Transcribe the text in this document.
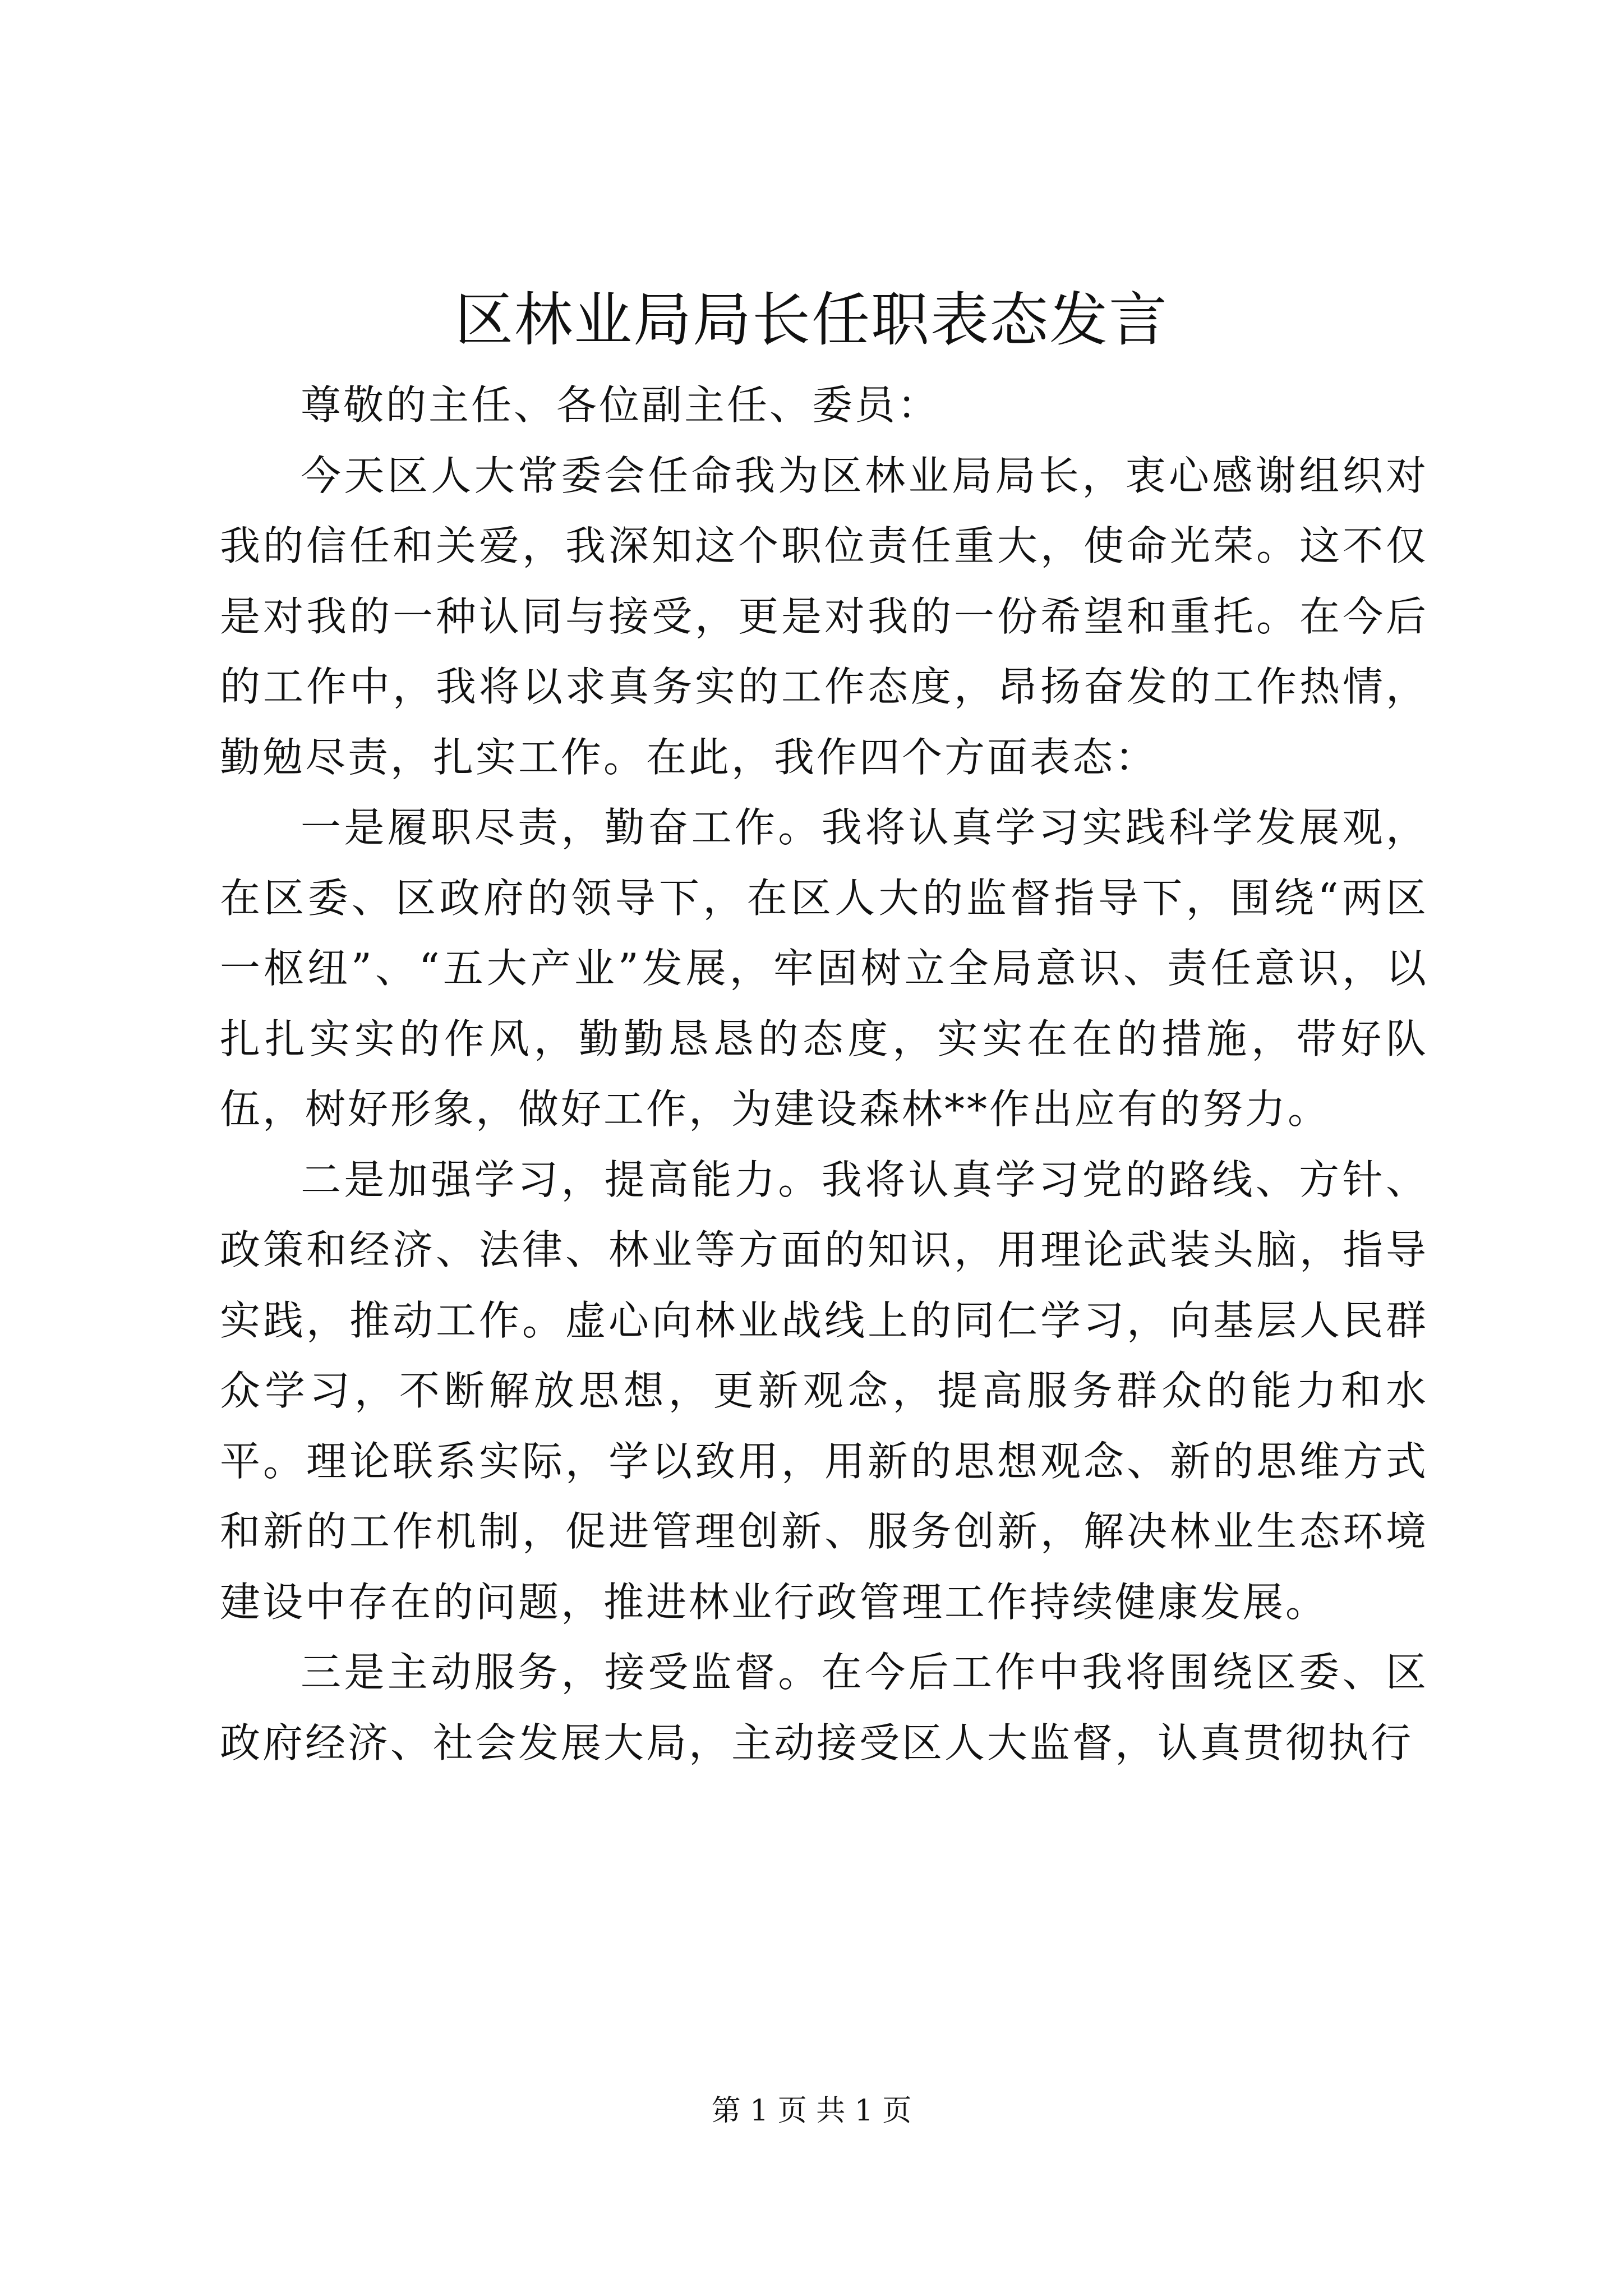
区林业局局长任职表态发言

尊敬的主任、各位副主任、委员：

今天区人大常委会任命我为区林业局局长，衷心感谢组织对我的信任和关爱，我深知这个职位责任重大，使命光荣。这不仅是对我的一种认同与接受，更是对我的一份希望和重托。在今后的工作中，我将以求真务实的工作态度，昂扬奋发的工作热情，勤勉尽责，扎实工作。在此，我作四个方面表态：

一是履职尽责，勤奋工作。我将认真学习实践科学发展观，在区委、区政府的领导下，在区人大的监督指导下，围绕“两区一枢纽”、“五大产业”发展，牢固树立全局意识、责任意识，以扎扎实实的作风，勤勤恳恳的态度，实实在在的措施，带好队伍，树好形象，做好工作，为建设森林**作出应有的努力。

二是加强学习，提高能力。我将认真学习党的路线、方针、政策和经济、法律、林业等方面的知识，用理论武装头脑，指导实践，推动工作。虚心向林业战线上的同仁学习，向基层人民群众学习，不断解放思想，更新观念，提高服务群众的能力和水平。理论联系实际，学以致用，用新的思想观念、新的思维方式和新的工作机制，促进管理创新、服务创新，解决林业生态环境建设中存在的问题，推进林业行政管理工作持续健康发展。

三是主动服务，接受监督。在今后工作中我将围绕区委、区政府经济、社会发展大局，主动接受区人大监督，认真贯彻执行

第 1 页 共 1 页
